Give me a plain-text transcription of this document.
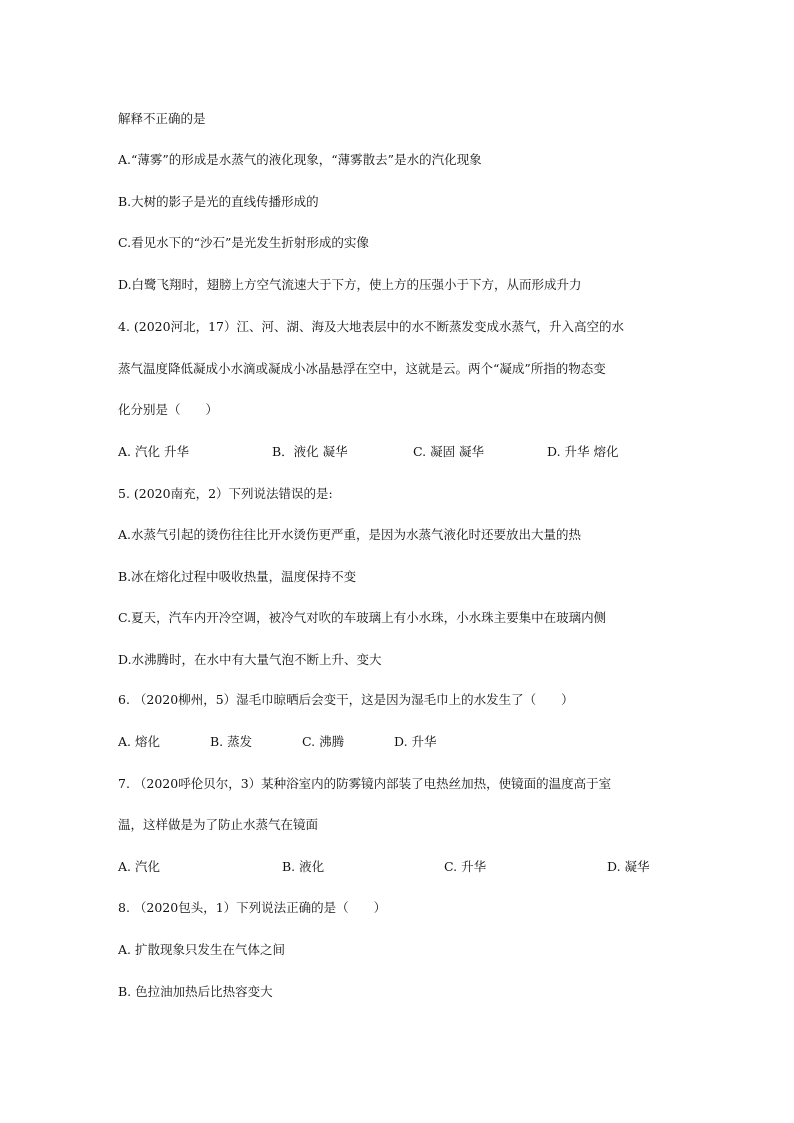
解释不正确的是
A.“薄雾”的形成是水蒸气的液化现象，“薄雾散去”是水的汽化现象
B.大树的影子是光的直线传播形成的
C.看见水下的“沙石”是光发生折射形成的实像
D.白鹭飞翔时，翅膀上方空气流速大于下方，使上方的压强小于下方，从而形成升力
4. (2020河北，17）江、河、湖、海及大地表层中的水不断蒸发变成水蒸气，升入高空的水
蒸气温度降低凝成小水滴或凝成小冰晶悬浮在空中，这就是云。两个“凝成”所指的物态变
化分别是（　　）
A. 汽化 升华	B．液化 凝华	C. 凝固 凝华	D. 升华 熔化
5. (2020南充，2）下列说法错误的是:
A.水蒸气引起的烫伤往往比开水烫伤更严重，是因为水蒸气液化时还要放出大量的热
B.冰在熔化过程中吸收热量，温度保持不变
C.夏天，汽车内开冷空调，被冷气对吹的车玻璃上有小水珠，小水珠主要集中在玻璃内侧
D.水沸腾时，在水中有大量气泡不断上升、变大
6. （2020柳州，5）湿毛巾晾晒后会变干，这是因为湿毛巾上的水发生了（　　）
A. 熔化	B. 蒸发	C. 沸腾	D. 升华
7. （2020呼伦贝尔，3）某种浴室内的防雾镜内部装了电热丝加热，使镜面的温度高于室
温，这样做是为了防止水蒸气在镜面
A. 汽化	B. 液化	C. 升华	D. 凝华
8. （2020包头，1）下列说法正确的是（　　）
A. 扩散现象只发生在气体之间
B. 色拉油加热后比热容变大
